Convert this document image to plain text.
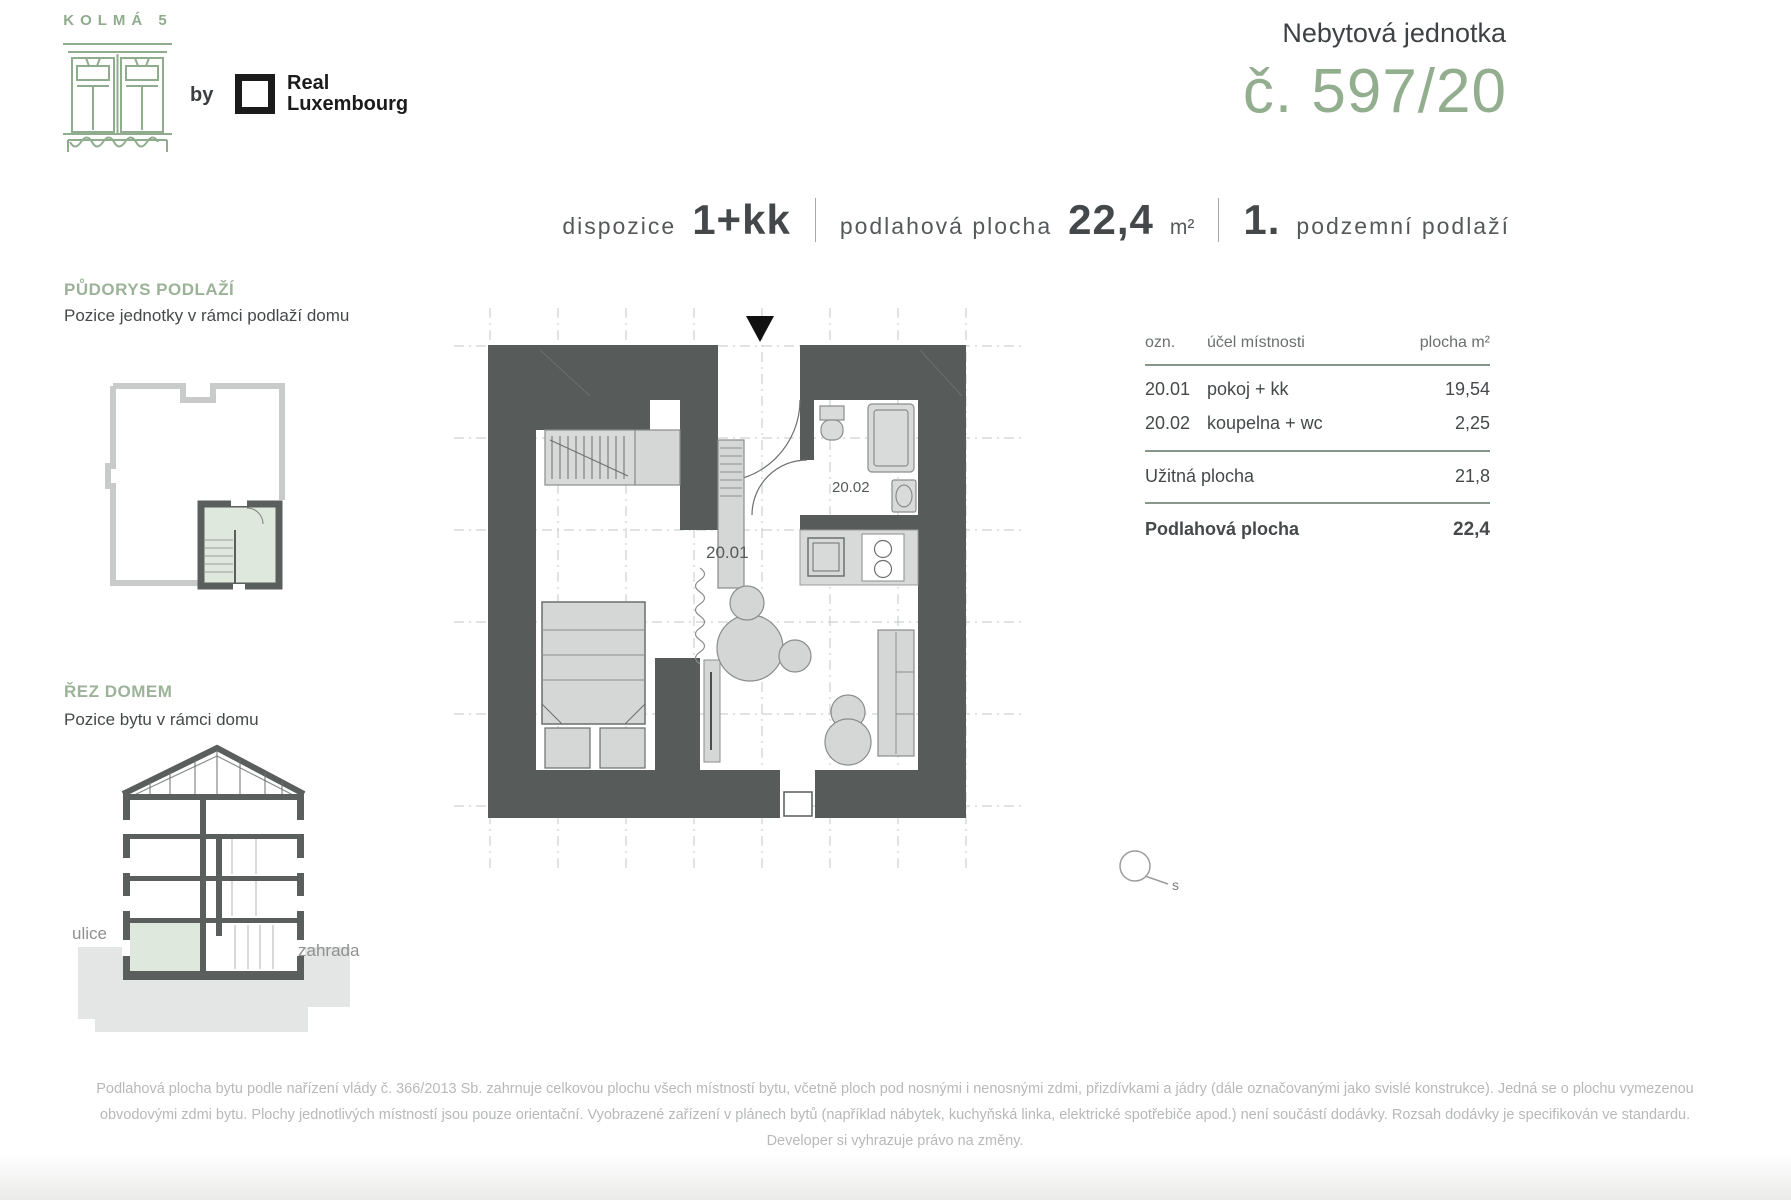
KOLMÁ 5
by
Real
Luxembourg
Nebytová jednotka
č. 597/20
dispozice 1+kk podlahová plocha 22,4 m² 1. podzemní podlaží
PŮDORYS PODLAŽÍ
Pozice jednotky v rámci podlaží domu
ŘEZ DOMEM
Pozice bytu v rámci domu
ulice
zahrada
20.01
20.02
s
ozn.	účel místnosti	plocha m²
20.01 pokoj + kk	19,54
20.02 koupelna + wc	2,25
Užitná plocha	21,8
Podlahová plocha	22,4
Podlahová plocha bytu podle nařízení vlády č. 366/2013 Sb. zahrnuje celkovou plochu všech místností bytu, včetně ploch pod nosnými i nenosnými zdmi, přizdívkami a jádry (dále označovanými jako svislé konstrukce). Jedná se o plochu vymezenou obvodovými zdmi bytu. Plochy jednotlivých místností jsou pouze orientační. Vyobrazené zařízení v plánech bytů (například nábytek, kuchyňská linka, elektrické spotřebiče apod.) není součástí dodávky. Rozsah dodávky je specifikován ve standardu. Developer si vyhrazuje právo na změny.
